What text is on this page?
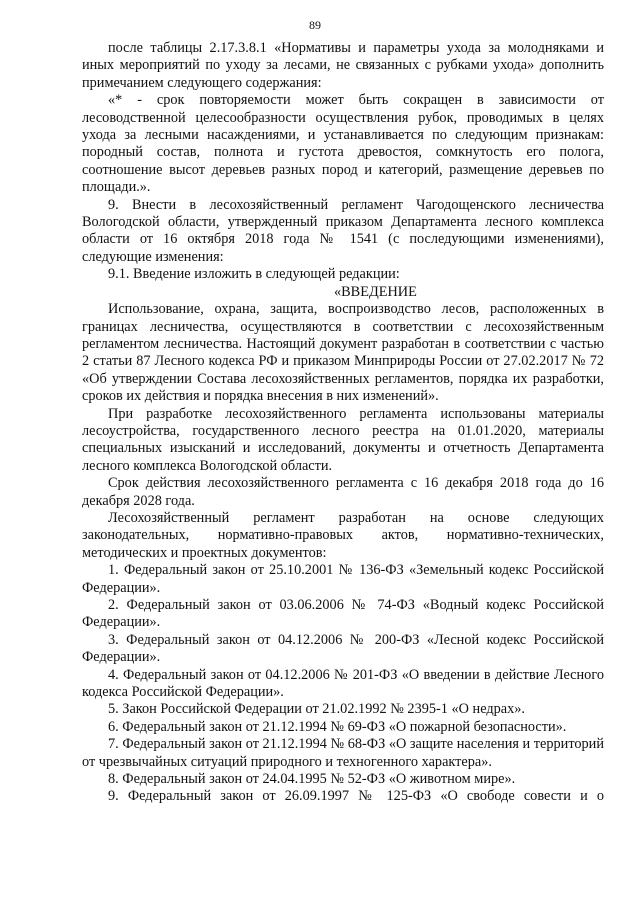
89

после таблицы 2.17.3.8.1 «Нормативы и параметры ухода за молодняками и иных мероприятий по уходу за лесами, не связанных с рубками ухода» дополнить примечанием следующего содержания:

«* - срок повторяемости может быть сокращен в зависимости от лесоводственной целесообразности осуществления рубок, проводимых в целях ухода за лесными насаждениями, и устанавливается по следующим признакам: породный состав, полнота и густота древостоя, сомкнутость его полога, соотношение высот деревьев разных пород и категорий, размещение деревьев по площади.».

9. Внести в лесохозяйственный регламент Чагодощенского лесничества Вологодской области, утвержденный приказом Департамента лесного комплекса области от 16 октября 2018 года № 1541 (с последующими изменениями), следующие изменения:

9.1. Введение изложить в следующей редакции:

«ВВЕДЕНИЕ

Использование, охрана, защита, воспроизводство лесов, расположенных в границах лесничества, осуществляются в соответствии с лесохозяйственным регламентом лесничества. Настоящий документ разработан в соответствии с частью 2 статьи 87 Лесного кодекса РФ и приказом Минприроды России от 27.02.2017 № 72 «Об утверждении Состава лесохозяйственных регламентов, порядка их разработки, сроков их действия и порядка внесения в них изменений».

При разработке лесохозяйственного регламента использованы материалы лесоустройства, государственного лесного реестра на 01.01.2020, материалы специальных изысканий и исследований, документы и отчетность Департамента лесного комплекса Вологодской области.

Срок действия лесохозяйственного регламента с 16 декабря 2018 года до 16 декабря 2028 года.

Лесохозяйственный регламент разработан на основе следующих законодательных, нормативно-правовых актов, нормативно-технических, методических и проектных документов:

1. Федеральный закон от 25.10.2001 № 136-ФЗ «Земельный кодекс Российской Федерации».

2. Федеральный закон от 03.06.2006 № 74-ФЗ «Водный кодекс Российской Федерации».

3. Федеральный закон от 04.12.2006 № 200-ФЗ «Лесной кодекс Российской Федерации».

4. Федеральный закон от 04.12.2006 № 201-ФЗ «О введении в действие Лесного кодекса Российской Федерации».

5. Закон Российской Федерации от 21.02.1992 № 2395-1 «О недрах».

6. Федеральный закон от 21.12.1994 № 69-ФЗ «О пожарной безопасности».

7. Федеральный закон от 21.12.1994 № 68-ФЗ «О защите населения и территорий от чрезвычайных ситуаций природного и техногенного характера».

8. Федеральный закон от 24.04.1995 № 52-ФЗ «О животном мире».

9. Федеральный закон от 26.09.1997 № 125-ФЗ «О свободе совести и о
